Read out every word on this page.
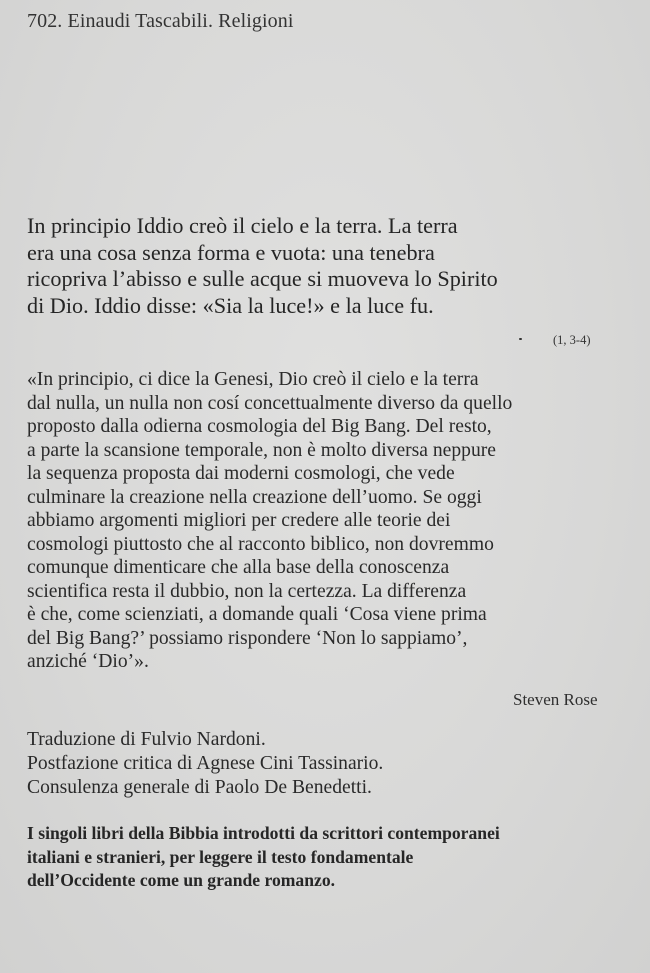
702. Einaudi Tascabili. Religioni
In principio Iddio creò il cielo e la terra. La terra
era una cosa senza forma e vuota: una tenebra
ricopriva l’abisso e sulle acque si muoveva lo Spirito
di Dio. Iddio disse: «Sia la luce!» e la luce fu.
(1, 3-4)
«In principio, ci dice la Genesi, Dio creò il cielo e la terra
dal nulla, un nulla non cosí concettualmente diverso da quello
proposto dalla odierna cosmologia del Big Bang. Del resto,
a parte la scansione temporale, non è molto diversa neppure
la sequenza proposta dai moderni cosmologi, che vede
culminare la creazione nella creazione dell’uomo. Se oggi
abbiamo argomenti migliori per credere alle teorie dei
cosmologi piuttosto che al racconto biblico, non dovremmo
comunque dimenticare che alla base della conoscenza
scientifica resta il dubbio, non la certezza. La differenza
è che, come scienziati, a domande quali ‘Cosa viene prima
del Big Bang?’ possiamo rispondere ‘Non lo sappiamo’,
anziché ‘Dio’».
Steven Rose
Traduzione di Fulvio Nardoni.
Postfazione critica di Agnese Cini Tassinario.
Consulenza generale di Paolo De Benedetti.
I singoli libri della Bibbia introdotti da scrittori contemporanei
italiani e stranieri, per leggere il testo fondamentale
dell’Occidente come un grande romanzo.
